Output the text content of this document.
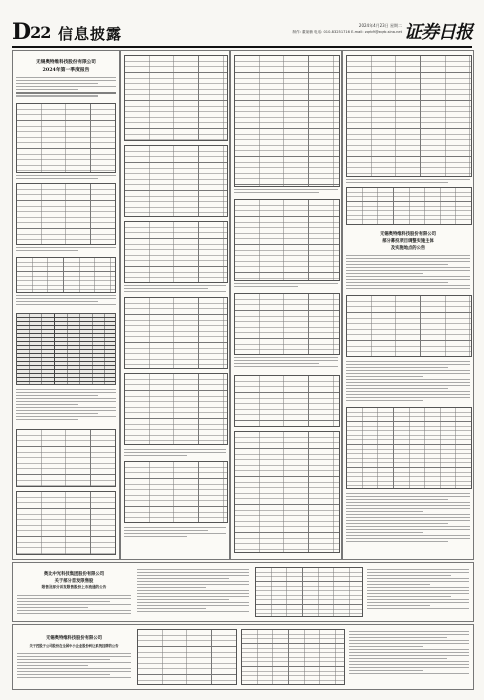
D22 信息披露	2024年4月23日 星期二
制作: 董莱楠 电话: 010-83251716 E-mail: zqrb9@zqrb.sina.net 证券日报
无锡奥特维科技股份有限公司
2024年第一季度报告
无锡奥特维科技股份有限公司
部分募投项目调整实施主体
及实施地点的公告
奥比中光科技集团股份有限公司
关于部分首发限售股
限售及部分首发限售股份上市流通的公告
无锡奥特维科技股份有限公司
关于控股子公司股份在全国中小企业股份转让系统挂牌的公告
